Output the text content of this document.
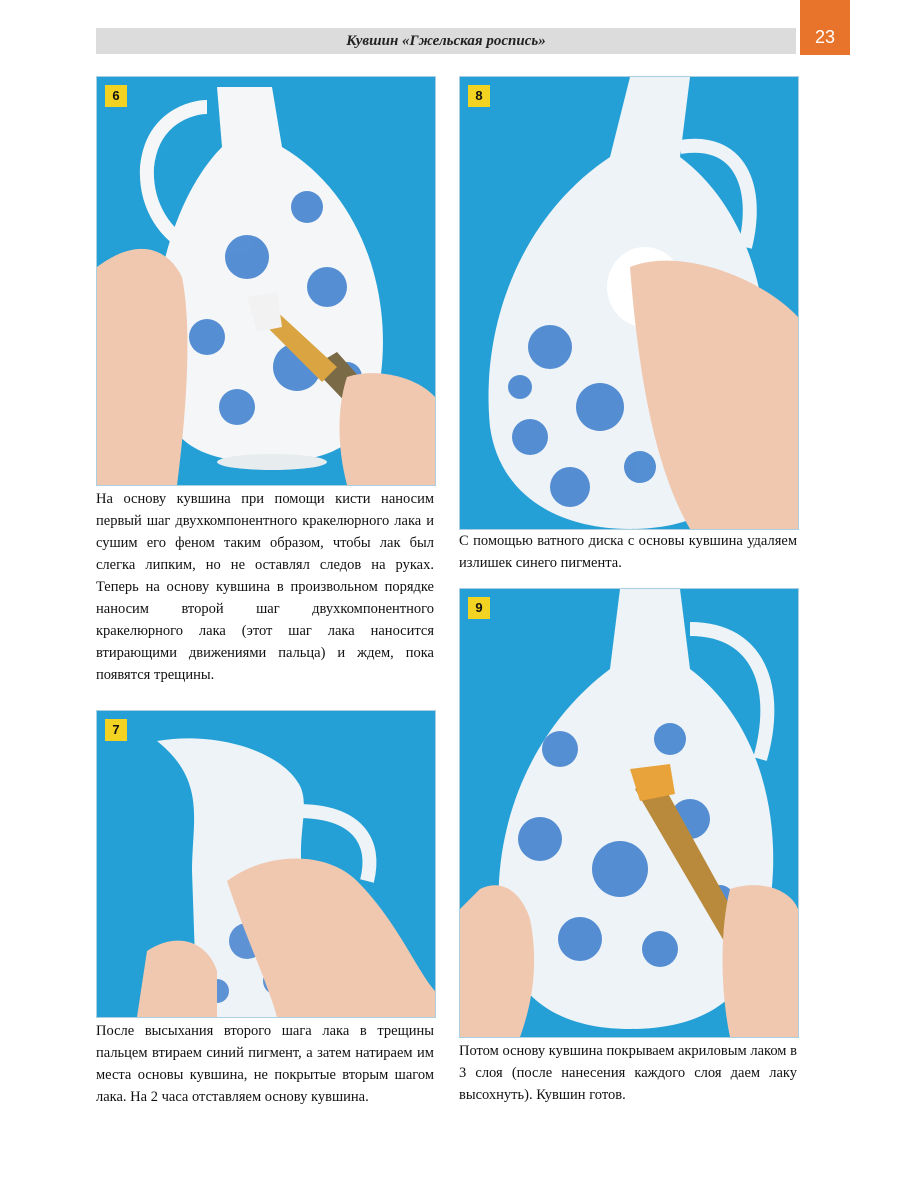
Кувшин «Гжельская роспись»	23
6

На основу кувшина при помощи кисти наносим первый шаг двухкомпонентного кракелюрного лака и сушим его феном таким образом, чтобы лак был слегка липким, но не оставлял следов на руках. Теперь на основу кувшина в произвольном порядке наносим второй шаг двухкомпонентного кракелюрного лака (этот шаг лака наносится втирающими движениями пальца) и ждем, пока появятся трещины.

7

После высыхания второго шага лака в трещины пальцем втираем синий пигмент, а затем натираем им места основы кувшина, не покрытые вторым шагом лака. На 2 часа отставляем основу кувшина.

8

С помощью ватного диска с основы кувшина удаляем излишек синего пигмента.

9

Потом основу кувшина покрываем акриловым лаком в 3 слоя (после нанесения каждого слоя даем лаку высохнуть). Кувшин готов.
